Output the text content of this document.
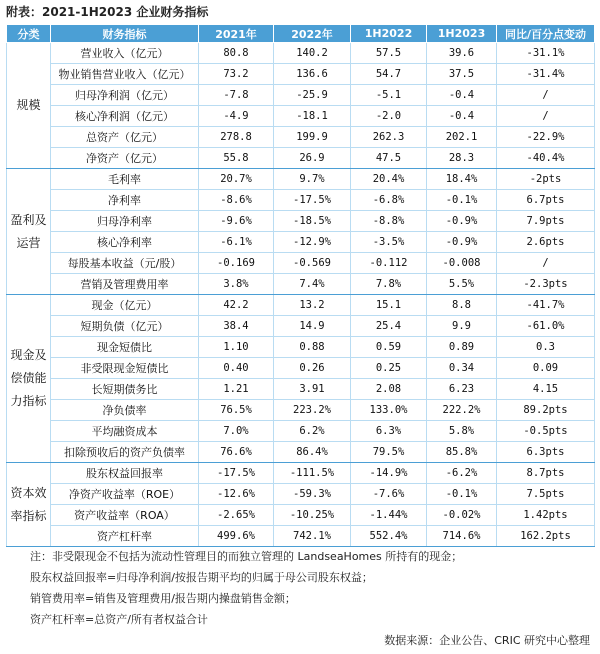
附表：2021-1H2023 企业财务指标
分类	财务指标	2021年	2022年	1H2022	1H2023	同比/百分点变动
规模	营业收入（亿元）	80.8	140.2	57.5	39.6	-31.1%
	物业销售营业收入（亿元）	73.2	136.6	54.7	37.5	-31.4%
	归母净利润（亿元）	-7.8	-25.9	-5.1	-0.4	/
	核心净利润（亿元）	-4.9	-18.1	-2.0	-0.4	/
	总资产（亿元）	278.8	199.9	262.3	202.1	-22.9%
	净资产（亿元）	55.8	26.9	47.5	28.3	-40.4%
盈利及运营	毛利率	20.7%	9.7%	20.4%	18.4%	-2pts
	净利率	-8.6%	-17.5%	-6.8%	-0.1%	6.7pts
	归母净利率	-9.6%	-18.5%	-8.8%	-0.9%	7.9pts
	核心净利率	-6.1%	-12.9%	-3.5%	-0.9%	2.6pts
	每股基本收益（元/股）	-0.169	-0.569	-0.112	-0.008	/
	营销及管理费用率	3.8%	7.4%	7.8%	5.5%	-2.3pts
现金及偿债能力指标	现金（亿元）	42.2	13.2	15.1	8.8	-41.7%
	短期负债（亿元）	38.4	14.9	25.4	9.9	-61.0%
	现金短债比	1.10	0.88	0.59	0.89	0.3
	非受限现金短债比	0.40	0.26	0.25	0.34	0.09
	长短期债务比	1.21	3.91	2.08	6.23	4.15
	净负债率	76.5%	223.2%	133.0%	222.2%	89.2pts
	平均融资成本	7.0%	6.2%	6.3%	5.8%	-0.5pts
	扣除预收后的资产负债率	76.6%	86.4%	79.5%	85.8%	6.3pts
资本效率指标	股东权益回报率	-17.5%	-111.5%	-14.9%	-6.2%	8.7pts
	净资产收益率（ROE）	-12.6%	-59.3%	-7.6%	-0.1%	7.5pts
	资产收益率（ROA）	-2.65%	-10.25%	-1.44%	-0.02%	1.42pts
	资产杠杆率	499.6%	742.1%	552.4%	714.6%	162.2pts
注：非受限现金不包括为流动性管理目的而独立管理的 LandseaHomes 所持有的现金；
股东权益回报率=归母净利润/按报告期平均的归属于母公司股东权益；
销管费用率=销售及管理费用/报告期内操盘销售金额；
资产杠杆率=总资产/所有者权益合计
数据来源：企业公告、CRIC 研究中心整理
